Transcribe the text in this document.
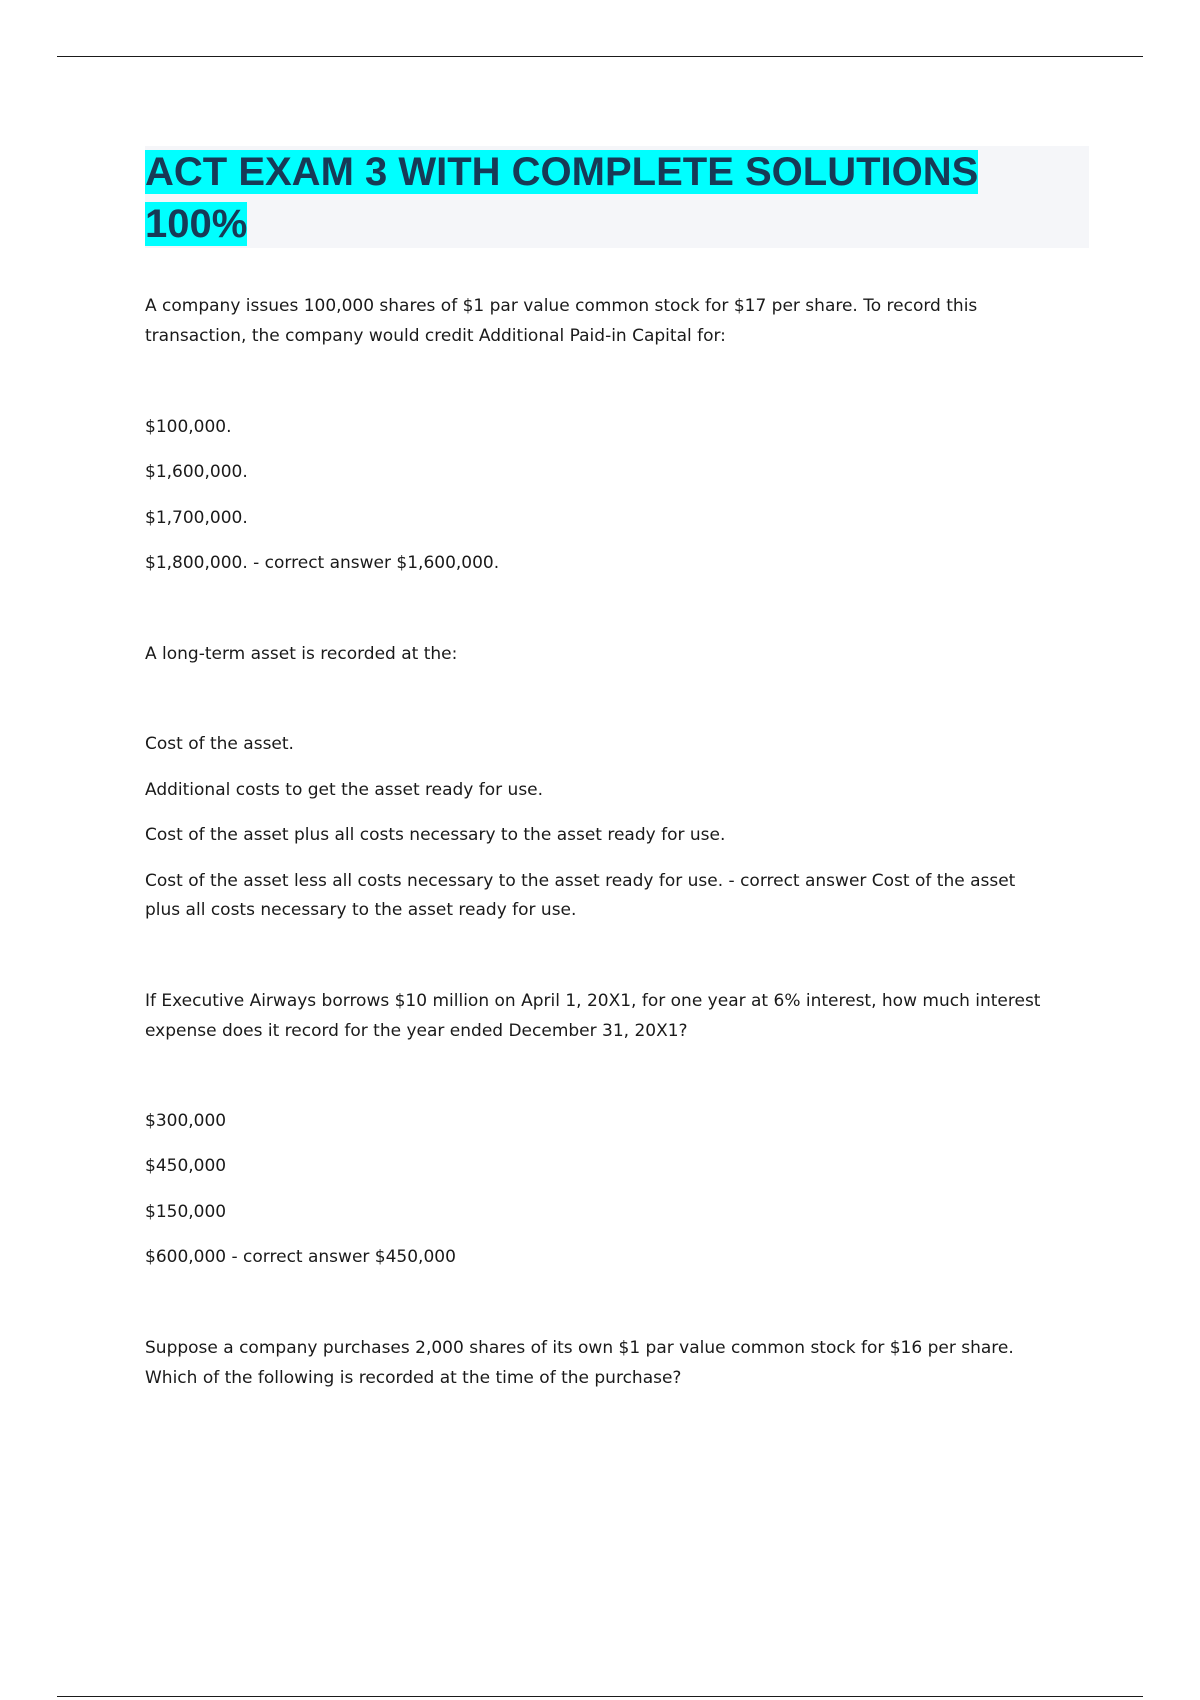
ACT EXAM 3 WITH COMPLETE SOLUTIONS
100%

A company issues 100,000 shares of $1 par value common stock for $17 per share. To record this

transaction, the company would credit Additional Paid-in Capital for:

$100,000.

$1,600,000.

$1,700,000.

$1,800,000. - correct answer $1,600,000.

A long-term asset is recorded at the:

Cost of the asset.

Additional costs to get the asset ready for use.

Cost of the asset plus all costs necessary to the asset ready for use.

Cost of the asset less all costs necessary to the asset ready for use. - correct answer Cost of the asset

plus all costs necessary to the asset ready for use.

If Executive Airways borrows $10 million on April 1, 20X1, for one year at 6% interest, how much interest

expense does it record for the year ended December 31, 20X1?

$300,000

$450,000

$150,000

$600,000 - correct answer $450,000

Suppose a company purchases 2,000 shares of its own $1 par value common stock for $16 per share.

Which of the following is recorded at the time of the purchase?
